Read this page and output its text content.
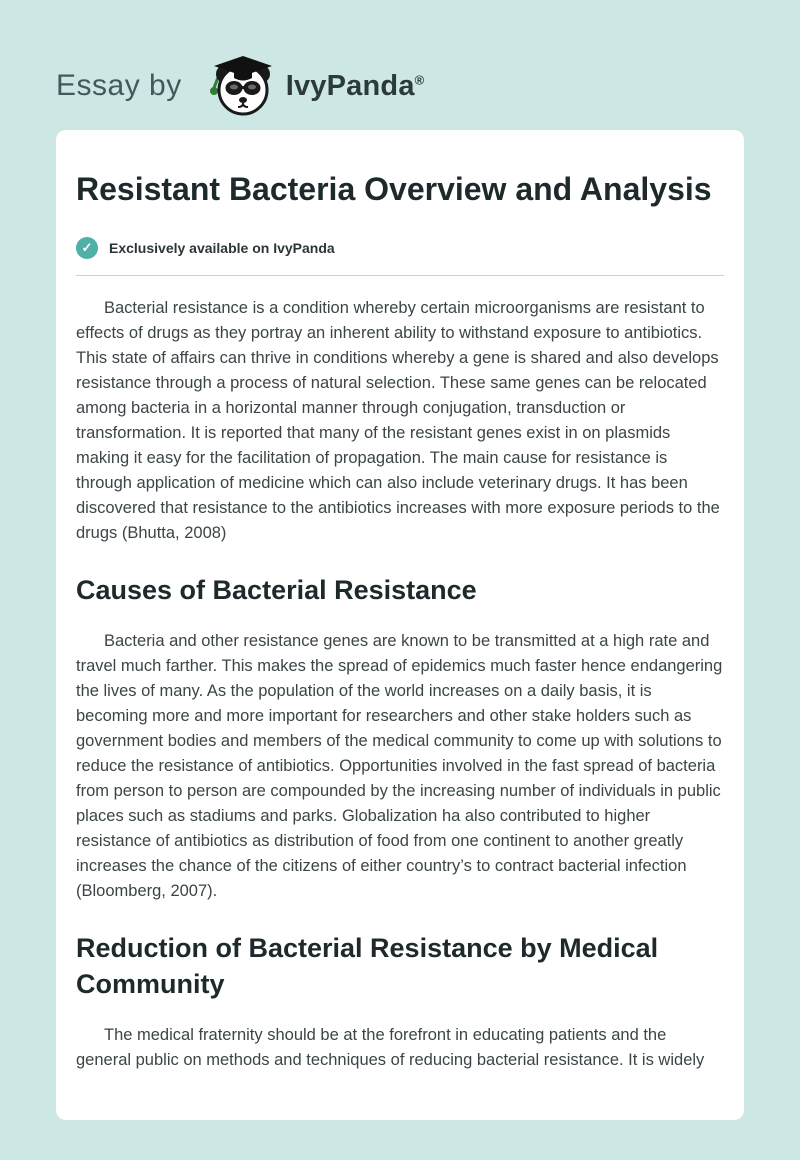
Essay by	IvyPanda®
Resistant Bacteria Overview and Analysis
✓	Exclusively available on IvyPanda

Bacterial resistance is a condition whereby certain microorganisms are resistant to effects of drugs as they portray an inherent ability to withstand exposure to antibiotics. This state of affairs can thrive in conditions whereby a gene is shared and also develops resistance through a process of natural selection. These same genes can be relocated among bacteria in a horizontal manner through conjugation, transduction or transformation. It is reported that many of the resistant genes exist in on plasmids making it easy for the facilitation of propagation. The main cause for resistance is through application of medicine which can also include veterinary drugs. It has been discovered that resistance to the antibiotics increases with more exposure periods to the drugs (Bhutta, 2008)

Causes of Bacterial Resistance

Bacteria and other resistance genes are known to be transmitted at a high rate and travel much farther. This makes the spread of epidemics much faster hence endangering the lives of many. As the population of the world increases on a daily basis, it is becoming more and more important for researchers and other stake holders such as government bodies and members of the medical community to come up with solutions to reduce the resistance of antibiotics. Opportunities involved in the fast spread of bacteria from person to person are compounded by the increasing number of individuals in public places such as stadiums and parks. Globalization ha also contributed to higher resistance of antibiotics as distribution of food from one continent to another greatly increases the chance of the citizens of either country’s to contract bacterial infection (Bloomberg, 2007).

Reduction of Bacterial Resistance by Medical Community

The medical fraternity should be at the forefront in educating patients and the general public on methods and techniques of reducing bacterial resistance. It is widely
